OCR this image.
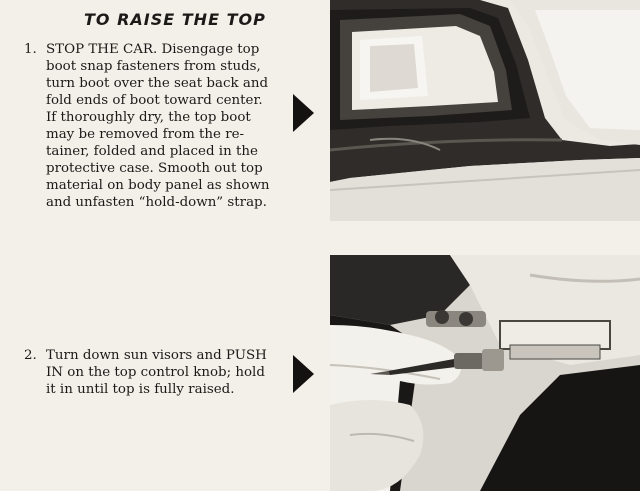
TO RAISE THE TOP
1. STOP THE CAR. Disengage top
boot snap fasteners from studs,
turn boot over the seat back and
fold ends of boot toward center.
If thoroughly dry, the top boot
may be removed from the re-
tainer, folded and placed in the
protective case. Smooth out top
material on body panel as shown
and unfasten “hold-down” strap.
2. Turn down sun visors and PUSH
IN on the top control knob; hold
it in until top is fully raised.
